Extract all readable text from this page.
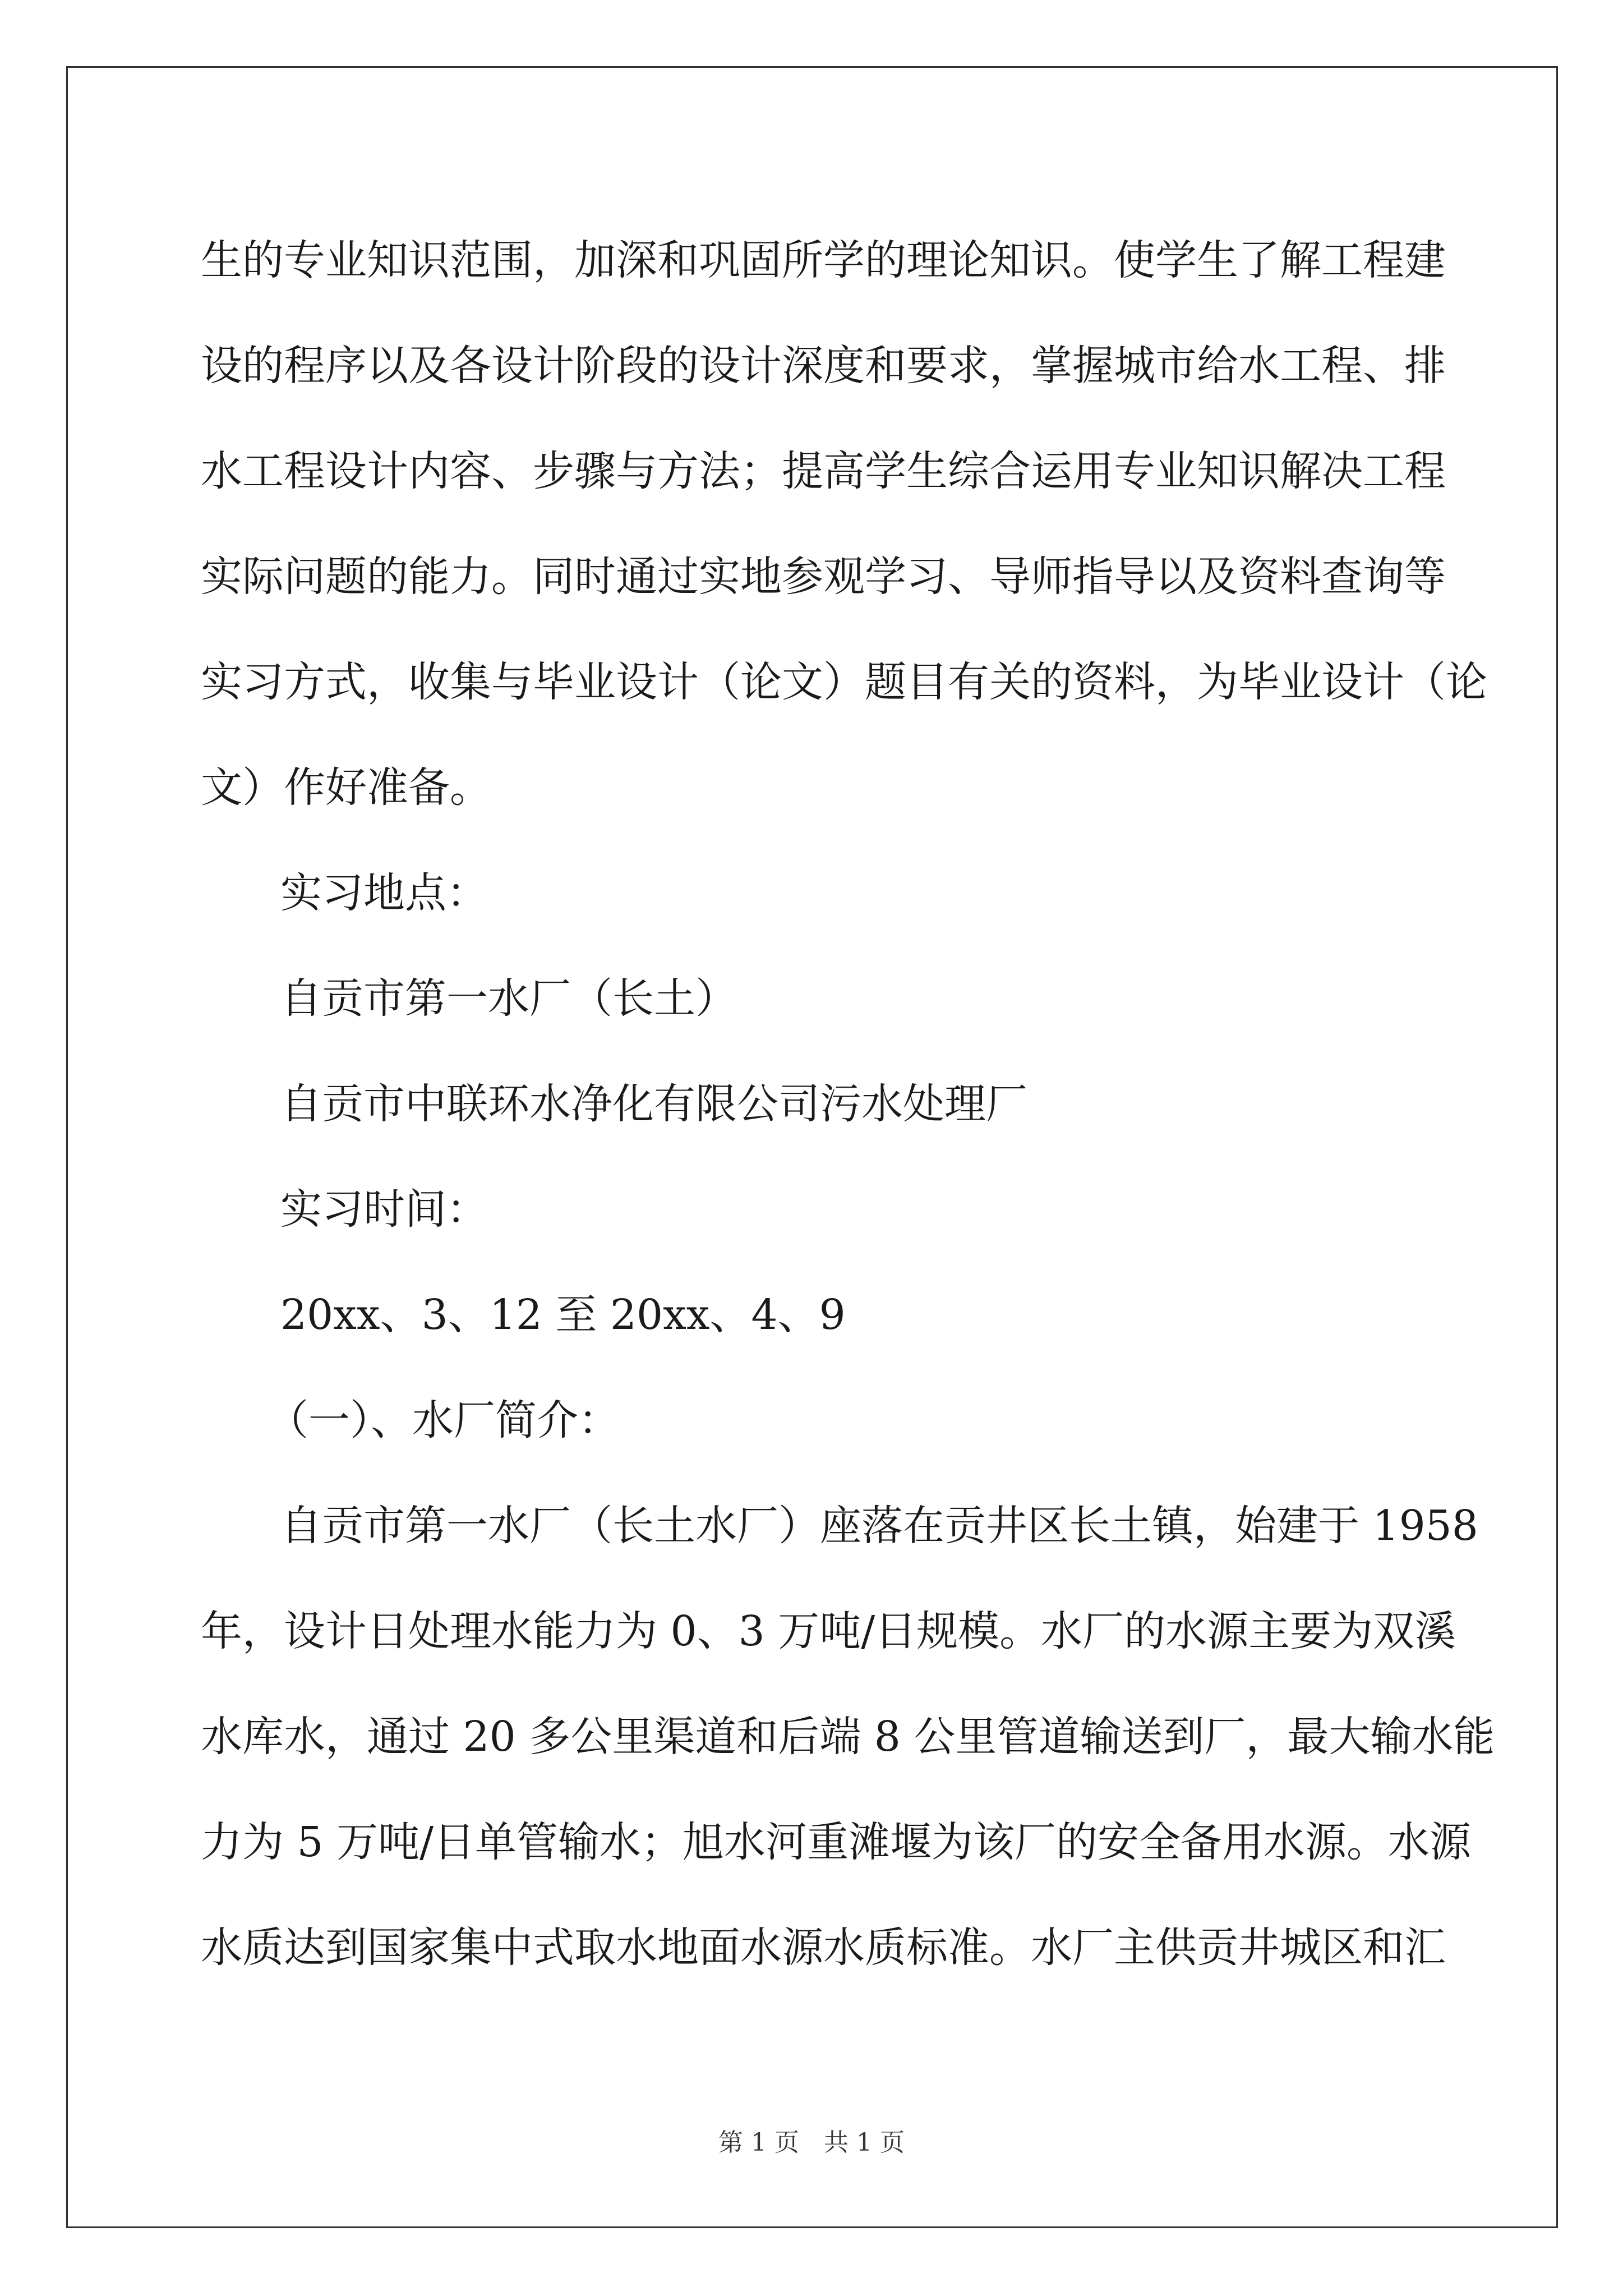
生的专业知识范围，加深和巩固所学的理论知识。使学生了解工程建
设的程序以及各设计阶段的设计深度和要求，掌握城市给水工程、排
水工程设计内容、步骤与方法；提高学生综合运用专业知识解决工程
实际问题的能力。同时通过实地参观学习、导师指导以及资料查询等
实习方式，收集与毕业设计（论文）题目有关的资料，为毕业设计（论
文）作好准备。
实习地点：
自贡市第一水厂（长土）
自贡市中联环水净化有限公司污水处理厂
实习时间：
20xx、3、12 至 20xx、4、9
（一）、水厂简介：
自贡市第一水厂（长土水厂）座落在贡井区长土镇，始建于 1958
年，设计日处理水能力为 0、3 万吨/日规模。水厂的水源主要为双溪
水库水，通过 20 多公里渠道和后端 8 公里管道输送到厂，最大输水能
力为 5 万吨/日单管输水；旭水河重滩堰为该厂的安全备用水源。水源
水质达到国家集中式取水地面水源水质标准。水厂主供贡井城区和汇
第 1 页　共 1 页
